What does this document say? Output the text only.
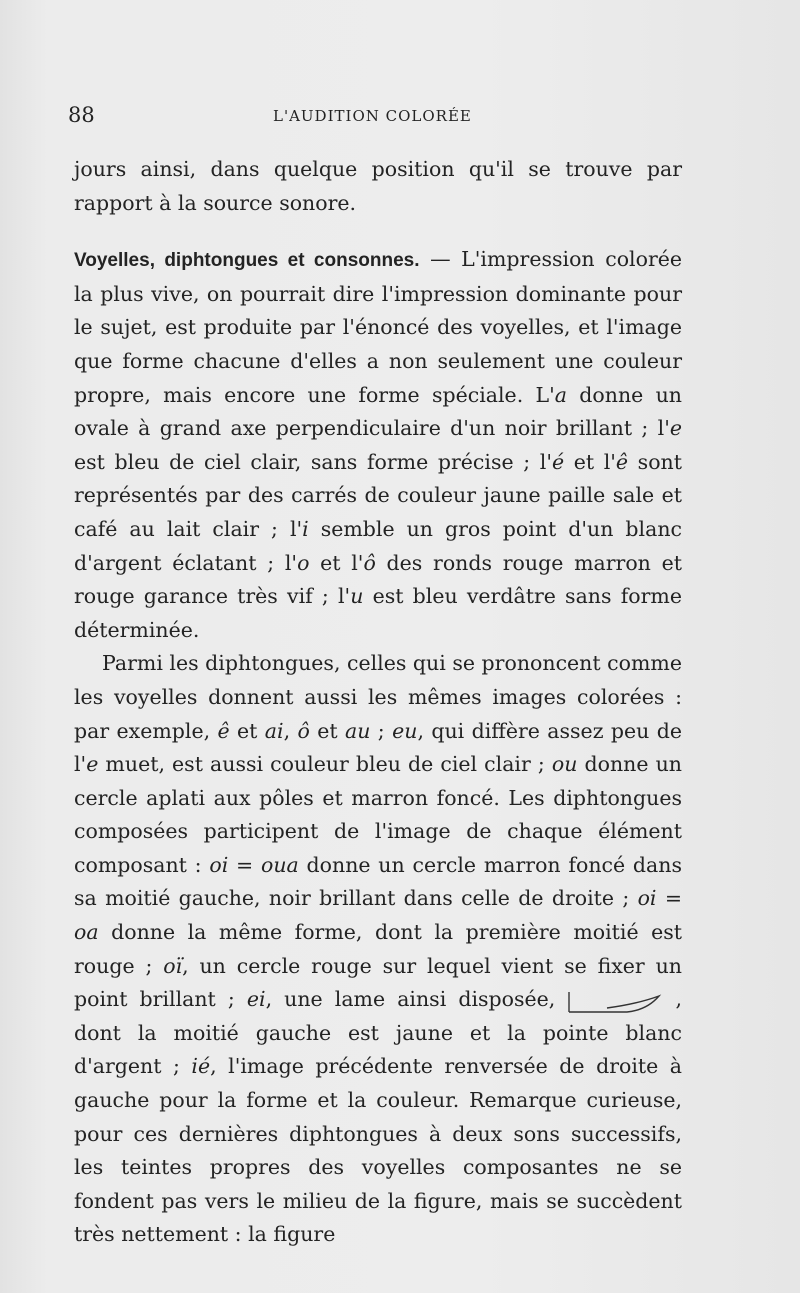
88	L'AUDITION COLORÉE

jours ainsi, dans quelque position qu'il se trouve par rapport à la source sonore.

Voyelles, diphtongues et consonnes. — L'impression colorée la plus vive, on pourrait dire l'impression dominante pour le sujet, est produite par l'énoncé des voyelles, et l'image que forme chacune d'elles a non seulement une couleur propre, mais encore une forme spéciale. L'a donne un ovale à grand axe perpendiculaire d'un noir brillant ; l'e est bleu de ciel clair, sans forme précise ; l'é et l'ê sont représentés par des carrés de couleur jaune paille sale et café au lait clair ; l'i semble un gros point d'un blanc d'argent éclatant ; l'o et l'ô des ronds rouge marron et rouge garance très vif ; l'u est bleu verdâtre sans forme déterminée.

Parmi les diphtongues, celles qui se prononcent comme les voyelles donnent aussi les mêmes images colorées : par exemple, ê et ai, ô et au ; eu, qui diffère assez peu de l'e muet, est aussi couleur bleu de ciel clair ; ou donne un cercle aplati aux pôles et marron foncé. Les diphtongues composées participent de l'image de chaque élément composant : oi = oua donne un cercle marron foncé dans sa moitié gauche, noir brillant dans celle de droite ; oi = oa donne la même forme, dont la première moitié est rouge ; oï, un cercle rouge sur lequel vient se fixer un point brillant ; ei, une lame ainsi disposée,	, dont la moitié gauche est jaune et la pointe blanc d'argent ; ié, l'image précédente renversée de droite à gauche pour la forme et la couleur. Remarque curieuse, pour ces dernières diphtongues à deux sons successifs, les teintes propres des voyelles composantes ne se fondent pas vers le milieu de la figure, mais se succèdent très nettement : la figure
